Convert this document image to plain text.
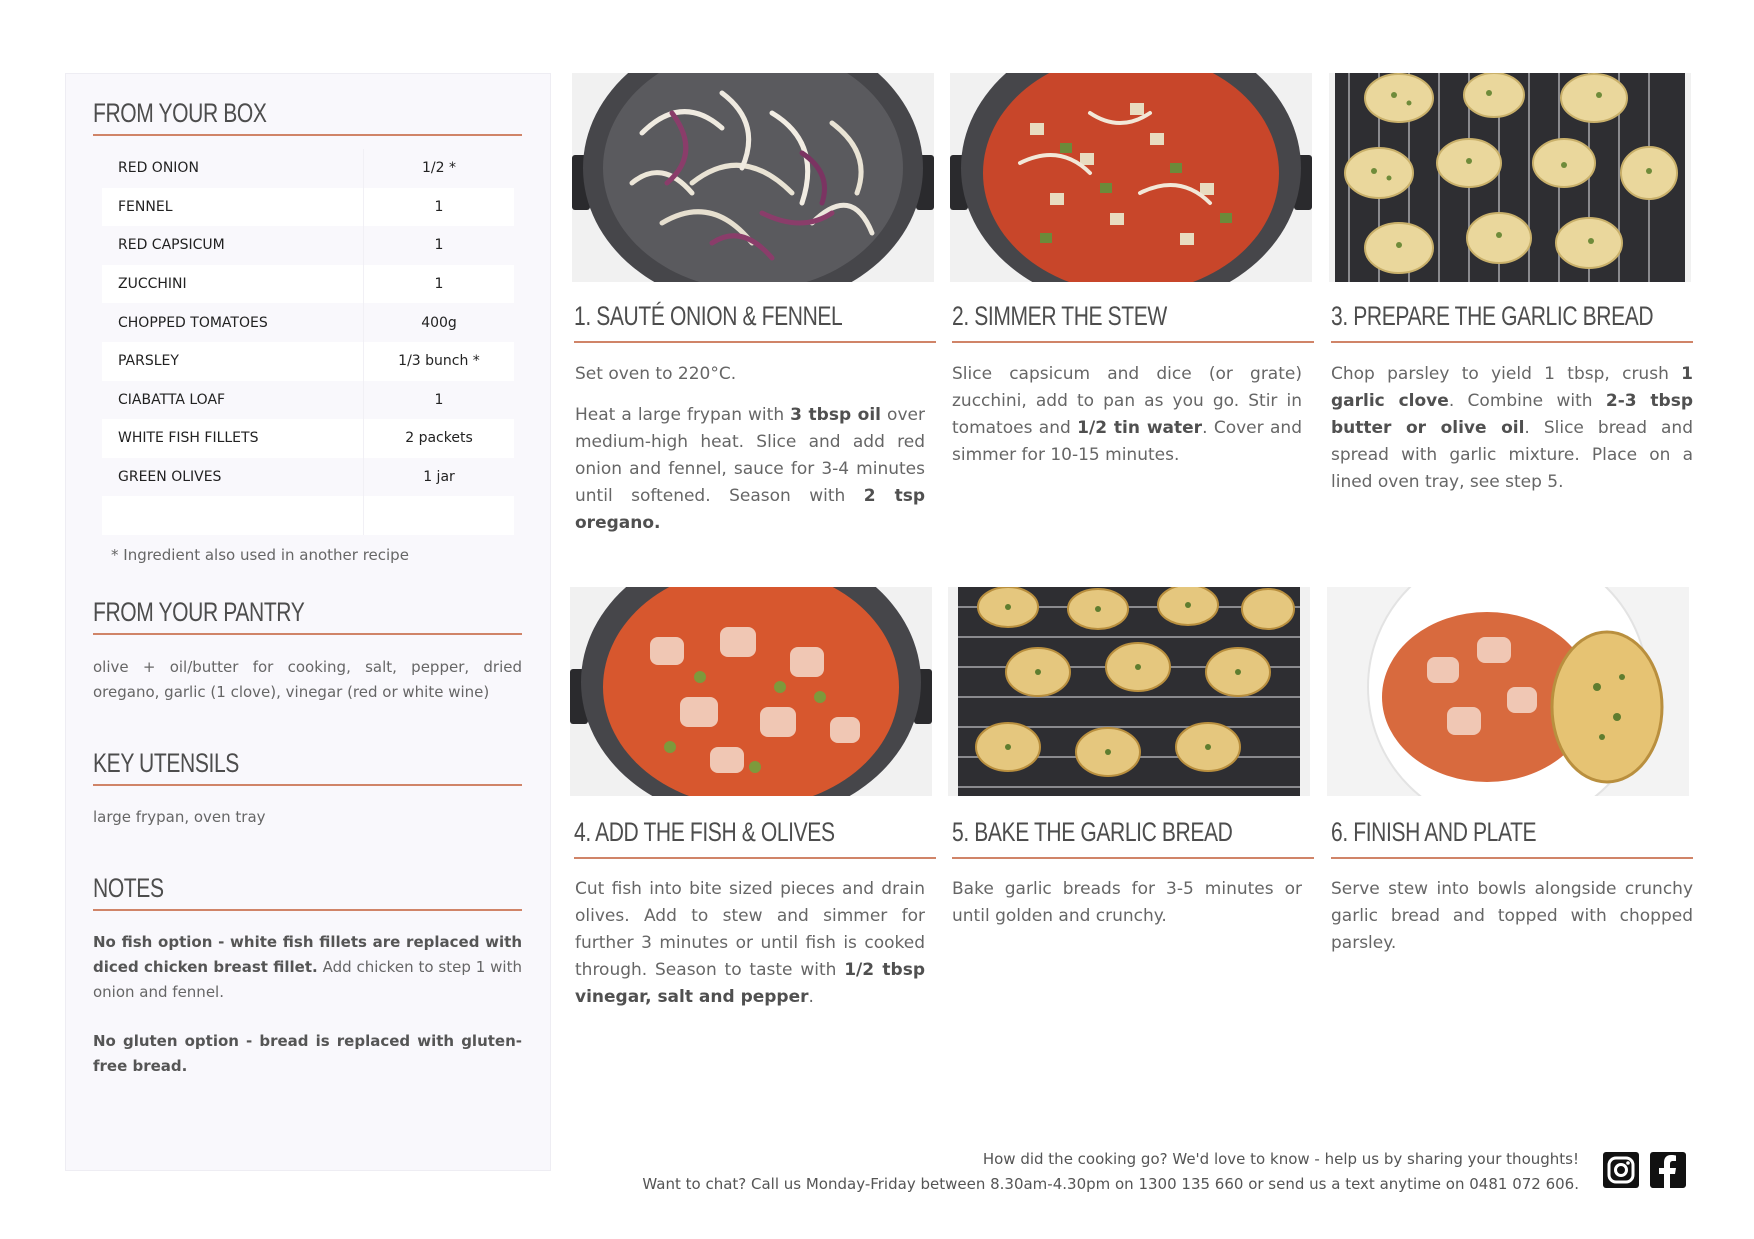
FROM YOUR BOX
RED ONION	1/2 *
FENNEL	1
RED CAPSICUM	1
ZUCCHINI	1
CHOPPED TOMATOES	400g
PARSLEY	1/3 bunch *
CIABATTA LOAF	1
WHITE FISH FILLETS	2 packets
GREEN OLIVES	1 jar

* Ingredient also used in another recipe
FROM YOUR PANTRY

olive + oil/butter for cooking, salt, pepper, dried oregano, garlic (1 clove), vinegar (red or white wine)

KEY UTENSILS

large frypan, oven tray

NOTES

No fish option - white fish fillets are replaced with diced chicken breast fillet. Add chicken to step 1 with onion and fennel.

No gluten option - bread is replaced with gluten-free bread.

1. SAUTÉ ONION & FENNEL

Set oven to 220°C.

Heat a large frypan with 3 tbsp oil over medium-high heat. Slice and add red onion and fennel, sauce for 3-4 minutes until softened. Season with 2 tsp oregano.

2. SIMMER THE STEW

Slice capsicum and dice (or grate) zucchini, add to pan as you go. Stir in tomatoes and 1/2 tin water. Cover and simmer for 10-15 minutes.

3. PREPARE THE GARLIC BREAD

Chop parsley to yield 1 tbsp, crush 1 garlic clove. Combine with 2-3 tbsp butter or olive oil. Slice bread and spread with garlic mixture. Place on a lined oven tray, see step 5.

4. ADD THE FISH & OLIVES

Cut fish into bite sized pieces and drain olives. Add to stew and simmer for further 3 minutes or until fish is cooked through. Season to taste with 1/2 tbsp vinegar, salt and pepper.

5. BAKE THE GARLIC BREAD

Bake garlic breads for 3-5 minutes or until golden and crunchy.

6. FINISH AND PLATE

Serve stew into bowls alongside crunchy garlic bread and topped with chopped parsley.

How did the cooking go? We'd love to know - help us by sharing your thoughts!
Want to chat? Call us Monday-Friday between 8.30am-4.30pm on 1300 135 660 or send us a text anytime on 0481 072 606.
